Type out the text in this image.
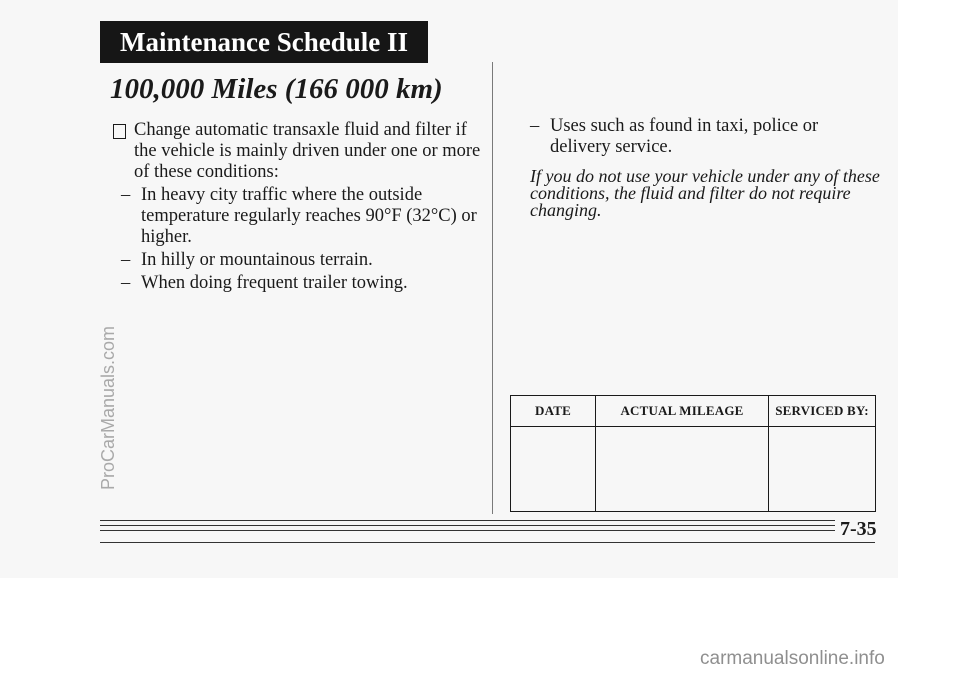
Maintenance Schedule II
100,000 Miles (166 000 km)
Change automatic transaxle fluid and filter if the vehicle is mainly driven under one or more of these conditions:
– In heavy city traffic where the outside temperature regularly reaches 90°F (32°C) or higher.
– In hilly or mountainous terrain.
– When doing frequent trailer towing.
– Uses such as found in taxi, police or delivery service.
If you do not use your vehicle under any of these conditions, the fluid and filter do not require changing.
DATE	ACTUAL MILEAGE	SERVICED BY:

7-35
ProCarManuals.com
carmanualsonline.info
